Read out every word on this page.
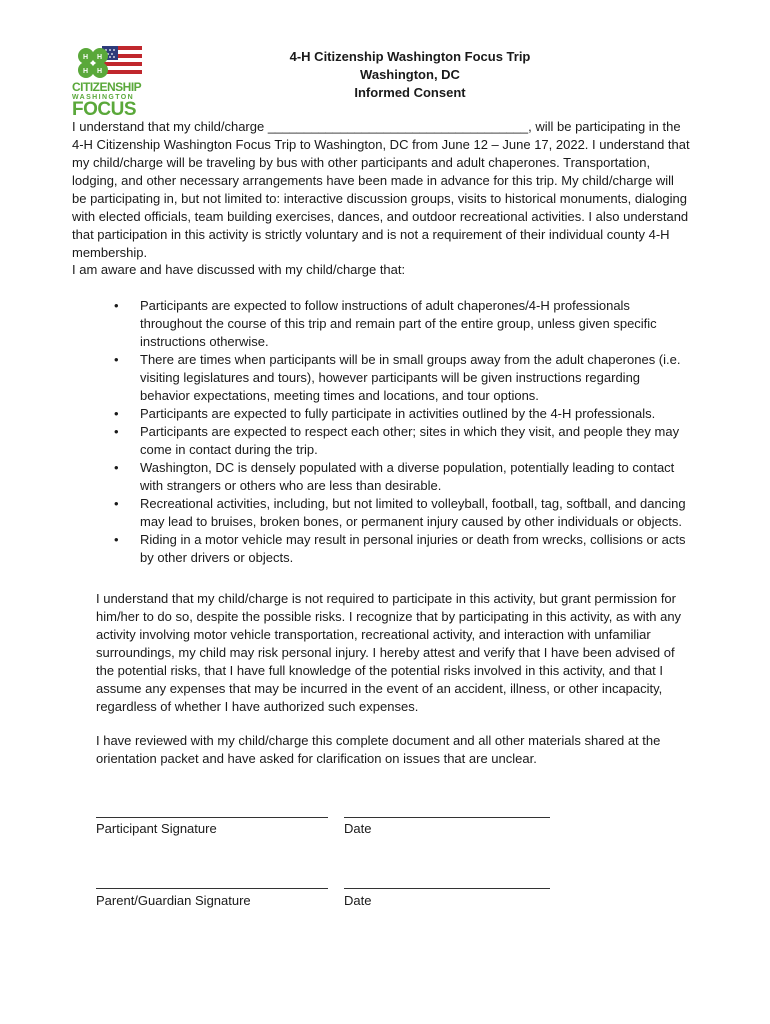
H H
H H
CITIZENSHIP
WASHINGTON
FOCUS
4-H Citizenship Washington Focus Trip
Washington, DC
Informed Consent
I understand that my child/charge ____________________________________, will be participating in the 4-H Citizenship Washington Focus Trip to Washington, DC from June 12 – June 17, 2022. I understand that my child/charge will be traveling by bus with other participants and adult chaperones. Transportation, lodging, and other necessary arrangements have been made in advance for this trip. My child/charge will be participating in, but not limited to: interactive discussion groups, visits to historical monuments, dialoging with elected officials, team building exercises, dances, and outdoor recreational activities. I also understand that participation in this activity is strictly voluntary and is not a requirement of their individual county 4-H membership.
I am aware and have discussed with my child/charge that:
• Participants are expected to follow instructions of adult chaperones/4-H professionals throughout the course of this trip and remain part of the entire group, unless given specific instructions otherwise.
• There are times when participants will be in small groups away from the adult chaperones (i.e. visiting legislatures and tours), however participants will be given instructions regarding behavior expectations, meeting times and locations, and tour options.
• Participants are expected to fully participate in activities outlined by the 4-H professionals.
• Participants are expected to respect each other; sites in which they visit, and people they may come in contact during the trip.
• Washington, DC is densely populated with a diverse population, potentially leading to contact with strangers or others who are less than desirable.
• Recreational activities, including, but not limited to volleyball, football, tag, softball, and dancing may lead to bruises, broken bones, or permanent injury caused by other individuals or objects.
• Riding in a motor vehicle may result in personal injuries or death from wrecks, collisions or acts by other drivers or objects.
I understand that my child/charge is not required to participate in this activity, but grant permission for him/her to do so, despite the possible risks. I recognize that by participating in this activity, as with any activity involving motor vehicle transportation, recreational activity, and interaction with unfamiliar surroundings, my child may risk personal injury. I hereby attest and verify that I have been advised of the potential risks, that I have full knowledge of the potential risks involved in this activity, and that I assume any expenses that may be incurred in the event of an accident, illness, or other incapacity, regardless of whether I have authorized such expenses.
I have reviewed with my child/charge this complete document and all other materials shared at the orientation packet and have asked for clarification on issues that are unclear.
Participant Signature	Date
Parent/Guardian Signature	Date
